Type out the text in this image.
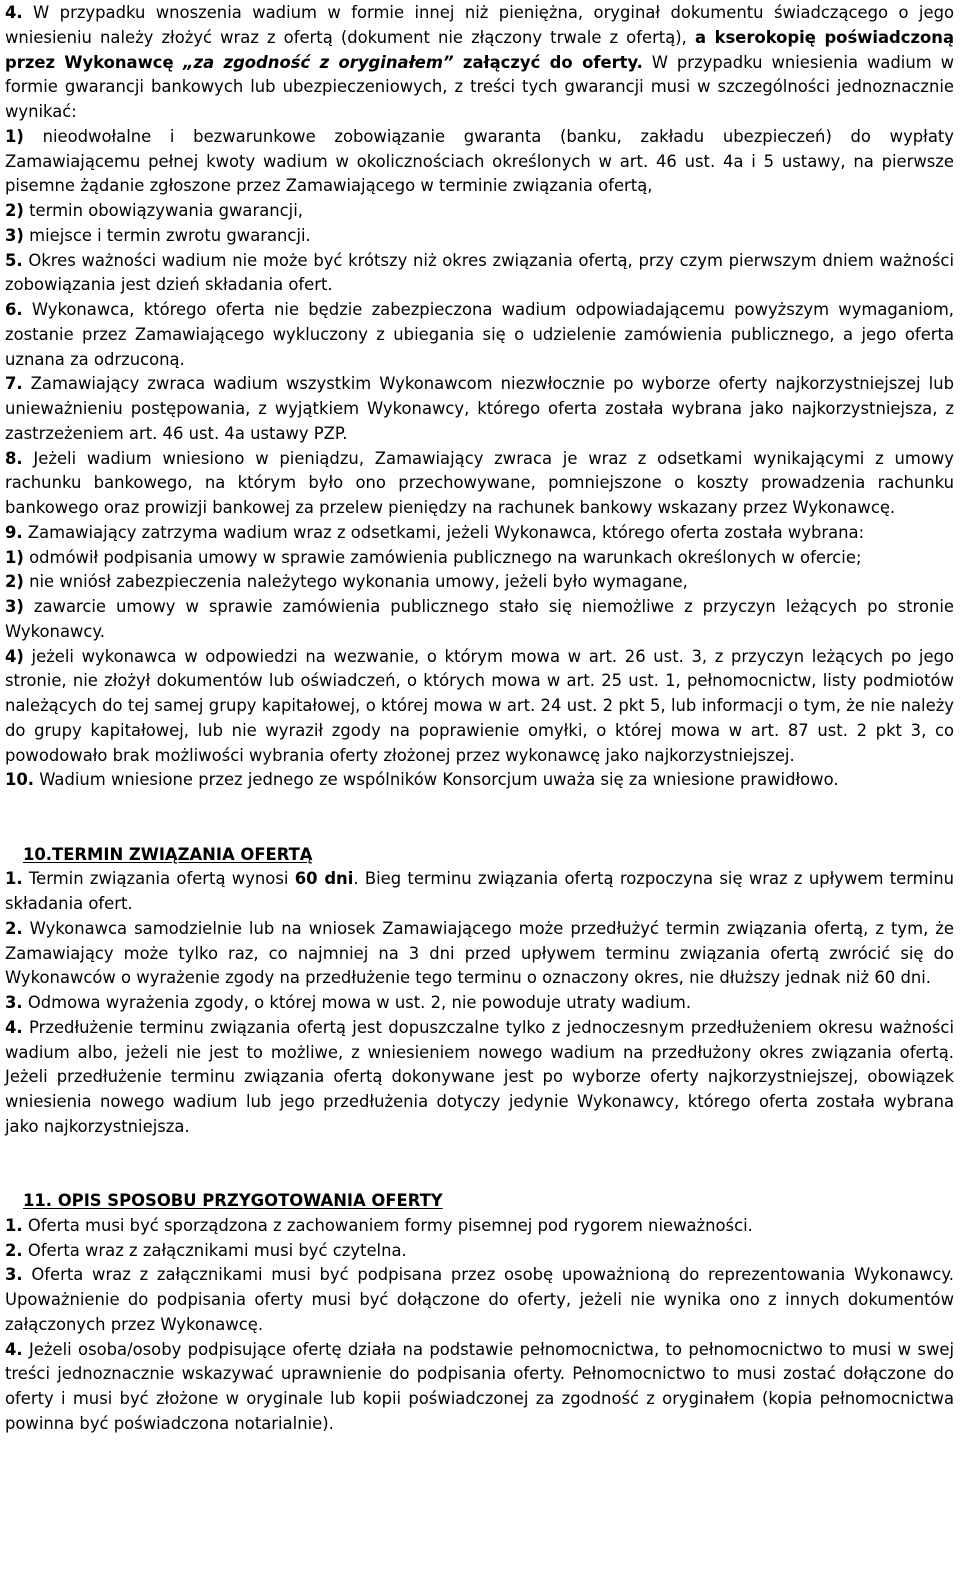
4. W przypadku wnoszenia wadium w formie innej niż pieniężna, oryginał dokumentu świadczącego o jego wniesieniu należy złożyć wraz z ofertą (dokument nie złączony trwale z ofertą), a kserokopię poświadczoną przez Wykonawcę „za zgodność z oryginałem” załączyć do oferty. W przypadku wniesienia wadium w formie gwarancji bankowych lub ubezpieczeniowych, z treści tych gwarancji musi w szczególności jednoznacznie wynikać:

1) nieodwołalne i bezwarunkowe zobowiązanie gwaranta (banku, zakładu ubezpieczeń) do wypłaty Zamawiającemu pełnej kwoty wadium w okolicznościach określonych w art. 46 ust. 4a i 5 ustawy, na pierwsze pisemne żądanie zgłoszone przez Zamawiającego w terminie związania ofertą,

2) termin obowiązywania gwarancji,

3) miejsce i termin zwrotu gwarancji.

5. Okres ważności wadium nie może być krótszy niż okres związania ofertą, przy czym pierwszym dniem ważności zobowiązania jest dzień składania ofert.

6. Wykonawca, którego oferta nie będzie zabezpieczona wadium odpowiadającemu powyższym wymaganiom, zostanie przez Zamawiającego wykluczony z ubiegania się o udzielenie zamówienia publicznego, a jego oferta uznana za odrzuconą.

7. Zamawiający zwraca wadium wszystkim Wykonawcom niezwłocznie po wyborze oferty najkorzystniejszej lub unieważnieniu postępowania, z wyjątkiem Wykonawcy, którego oferta została wybrana jako najkorzystniejsza, z zastrzeżeniem art. 46 ust. 4a ustawy PZP.

8. Jeżeli wadium wniesiono w pieniądzu, Zamawiający zwraca je wraz z odsetkami wynikającymi z umowy rachunku bankowego, na którym było ono przechowywane, pomniejszone o koszty prowadzenia rachunku bankowego oraz prowizji bankowej za przelew pieniędzy na rachunek bankowy wskazany przez Wykonawcę.

9. Zamawiający zatrzyma wadium wraz z odsetkami, jeżeli Wykonawca, którego oferta została wybrana:

1) odmówił podpisania umowy w sprawie zamówienia publicznego na warunkach określonych w ofercie;

2) nie wniósł zabezpieczenia należytego wykonania umowy, jeżeli było wymagane,

3) zawarcie umowy w sprawie zamówienia publicznego stało się niemożliwe z przyczyn leżących po stronie Wykonawcy.

4) jeżeli wykonawca w odpowiedzi na wezwanie, o którym mowa w art. 26 ust. 3, z przyczyn leżących po jego stronie, nie złożył dokumentów lub oświadczeń, o których mowa w art. 25 ust. 1, pełnomocnictw, listy podmiotów należących do tej samej grupy kapitałowej, o której mowa w art. 24 ust. 2 pkt 5, lub informacji o tym, że nie należy do grupy kapitałowej, lub nie wyraził zgody na poprawienie omyłki, o której mowa w art. 87 ust. 2 pkt 3, co powodowało brak możliwości wybrania oferty złożonej przez wykonawcę jako najkorzystniejszej.

10. Wadium wniesione przez jednego ze wspólników Konsorcjum uważa się za wniesione prawidłowo.

10.TERMIN ZWIĄZANIA OFERTĄ

1. Termin związania ofertą wynosi 60 dni. Bieg terminu związania ofertą rozpoczyna się wraz z upływem terminu składania ofert.

2. Wykonawca samodzielnie lub na wniosek Zamawiającego może przedłużyć termin związania ofertą, z tym, że Zamawiający może tylko raz, co najmniej na 3 dni przed upływem terminu związania ofertą zwrócić się do Wykonawców o wyrażenie zgody na przedłużenie tego terminu o oznaczony okres, nie dłuższy jednak niż 60 dni.

3. Odmowa wyrażenia zgody, o której mowa w ust. 2, nie powoduje utraty wadium.

4. Przedłużenie terminu związania ofertą jest dopuszczalne tylko z jednoczesnym przedłużeniem okresu ważności wadium albo, jeżeli nie jest to możliwe, z wniesieniem nowego wadium na przedłużony okres związania ofertą. Jeżeli przedłużenie terminu związania ofertą dokonywane jest po wyborze oferty najkorzystniejszej, obowiązek wniesienia nowego wadium lub jego przedłużenia dotyczy jedynie Wykonawcy, którego oferta została wybrana jako najkorzystniejsza.

11. OPIS SPOSOBU PRZYGOTOWANIA OFERTY

1. Oferta musi być sporządzona z zachowaniem formy pisemnej pod rygorem nieważności.

2. Oferta wraz z załącznikami musi być czytelna.

3. Oferta wraz z załącznikami musi być podpisana przez osobę upoważnioną do reprezentowania Wykonawcy. Upoważnienie do podpisania oferty musi być dołączone do oferty, jeżeli nie wynika ono z innych dokumentów załączonych przez Wykonawcę.

4. Jeżeli osoba/osoby podpisujące ofertę działa na podstawie pełnomocnictwa, to pełnomocnictwo to musi w swej treści jednoznacznie wskazywać uprawnienie do podpisania oferty. Pełnomocnictwo to musi zostać dołączone do oferty i musi być złożone w oryginale lub kopii poświadczonej za zgodność z oryginałem (kopia pełnomocnictwa powinna być poświadczona notarialnie).
